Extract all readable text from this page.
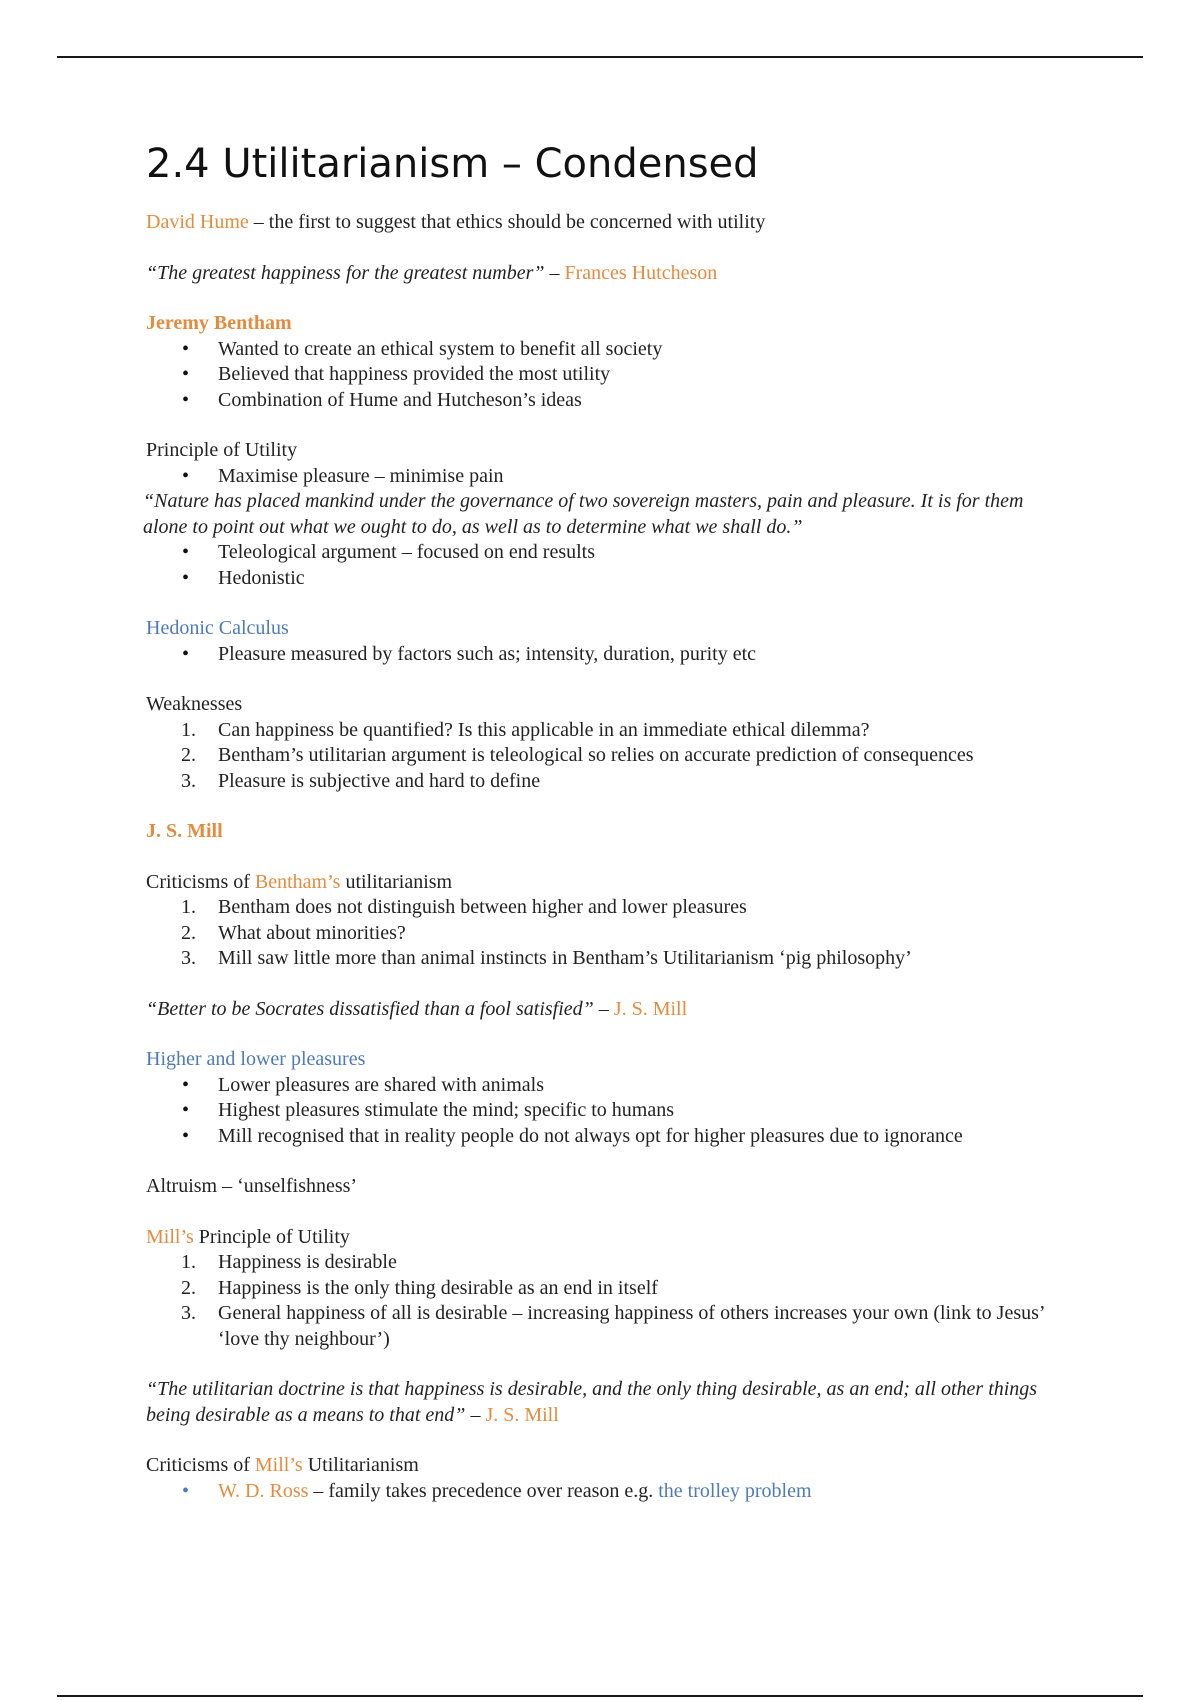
2.4 Utilitarianism – Condensed

David Hume – the first to suggest that ethics should be concerned with utility

“The greatest happiness for the greatest number” – Frances Hutcheson

Jeremy Bentham

• Wanted to create an ethical system to benefit all society
• Believed that happiness provided the most utility
• Combination of Hume and Hutcheson’s ideas

Principle of Utility

• Maximise pleasure – minimise pain

“Nature has placed mankind under the governance of two sovereign masters, pain and pleasure. It is for them alone to point out what we ought to do, as well as to determine what we shall do.”

• Teleological argument – focused on end results
• Hedonistic

Hedonic Calculus

• Pleasure measured by factors such as; intensity, duration, purity etc

Weaknesses

1. Can happiness be quantified? Is this applicable in an immediate ethical dilemma?
2. Bentham’s utilitarian argument is teleological so relies on accurate prediction of consequences
3. Pleasure is subjective and hard to define

J. S. Mill

Criticisms of Bentham’s utilitarianism

1. Bentham does not distinguish between higher and lower pleasures
2. What about minorities?
3. Mill saw little more than animal instincts in Bentham’s Utilitarianism ‘pig philosophy’

“Better to be Socrates dissatisfied than a fool satisfied” – J. S. Mill

Higher and lower pleasures

• Lower pleasures are shared with animals
• Highest pleasures stimulate the mind; specific to humans
• Mill recognised that in reality people do not always opt for higher pleasures due to ignorance

Altruism – ‘unselfishness’

Mill’s Principle of Utility

1. Happiness is desirable
2. Happiness is the only thing desirable as an end in itself
3. General happiness of all is desirable – increasing happiness of others increases your own (link to Jesus’ ‘love thy neighbour’)

“The utilitarian doctrine is that happiness is desirable, and the only thing desirable, as an end; all other things being desirable as a means to that end” – J. S. Mill

Criticisms of Mill’s Utilitarianism

• W. D. Ross – family takes precedence over reason e.g. the trolley problem
